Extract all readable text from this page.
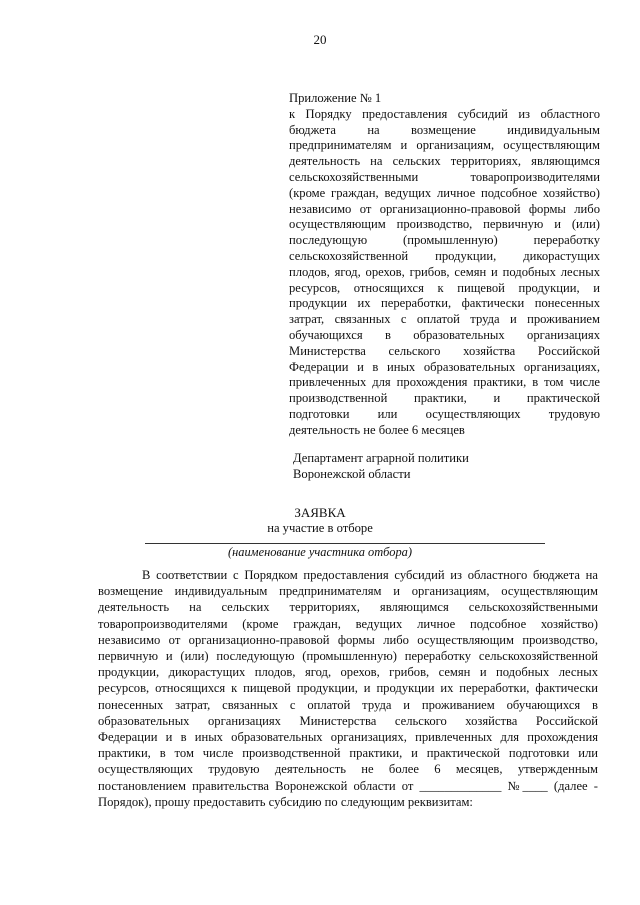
20
Приложение № 1
к Порядку предоставления субсидий из областного
бюджета на возмещение индивидуальным
предпринимателям и организациям, осуществляющим
деятельность на сельских территориях, являющимся
сельскохозяйственными товаропроизводителями
(кроме граждан, ведущих личное подсобное хозяйство)
независимо от организационно-правовой формы либо
осуществляющим производство, первичную и (или)
последующую (промышленную) переработку
сельскохозяйственной продукции, дикорастущих
плодов, ягод, орехов, грибов, семян и подобных лесных
ресурсов, относящихся к пищевой продукции, и
продукции их переработки, фактически понесенных
затрат, связанных с оплатой труда и проживанием
обучающихся в образовательных организациях
Министерства сельского хозяйства Российской
Федерации и в иных образовательных организациях,
привлеченных для прохождения практики, в том числе
производственной практики, и практической
подготовки или осуществляющих трудовую
деятельность не более 6 месяцев
Департамент аграрной политики
Воронежской области
ЗАЯВКА
на участие в отборе
(наименование участника отбора)
В соответствии с Порядком предоставления субсидий из областного бюджета на
возмещение индивидуальным предпринимателям и организациям, осуществляющим
деятельность на сельских территориях, являющимся сельскохозяйственными
товаропроизводителями (кроме граждан, ведущих личное подсобное хозяйство)
независимо от организационно-правовой формы либо осуществляющим производство,
первичную и (или) последующую (промышленную) переработку сельскохозяйственной
продукции, дикорастущих плодов, ягод, орехов, грибов, семян и подобных лесных
ресурсов, относящихся к пищевой продукции, и продукции их переработки, фактически
понесенных затрат, связанных с оплатой труда и проживанием обучающихся в
образовательных организациях Министерства сельского хозяйства Российской
Федерации и в иных образовательных организациях, привлеченных для прохождения
практики, в том числе производственной практики, и практической подготовки или
осуществляющих трудовую деятельность не более 6 месяцев, утвержденным
постановлением правительства Воронежской области от _____________ №____ (далее -
Порядок), прошу предоставить субсидию по следующим реквизитам:
